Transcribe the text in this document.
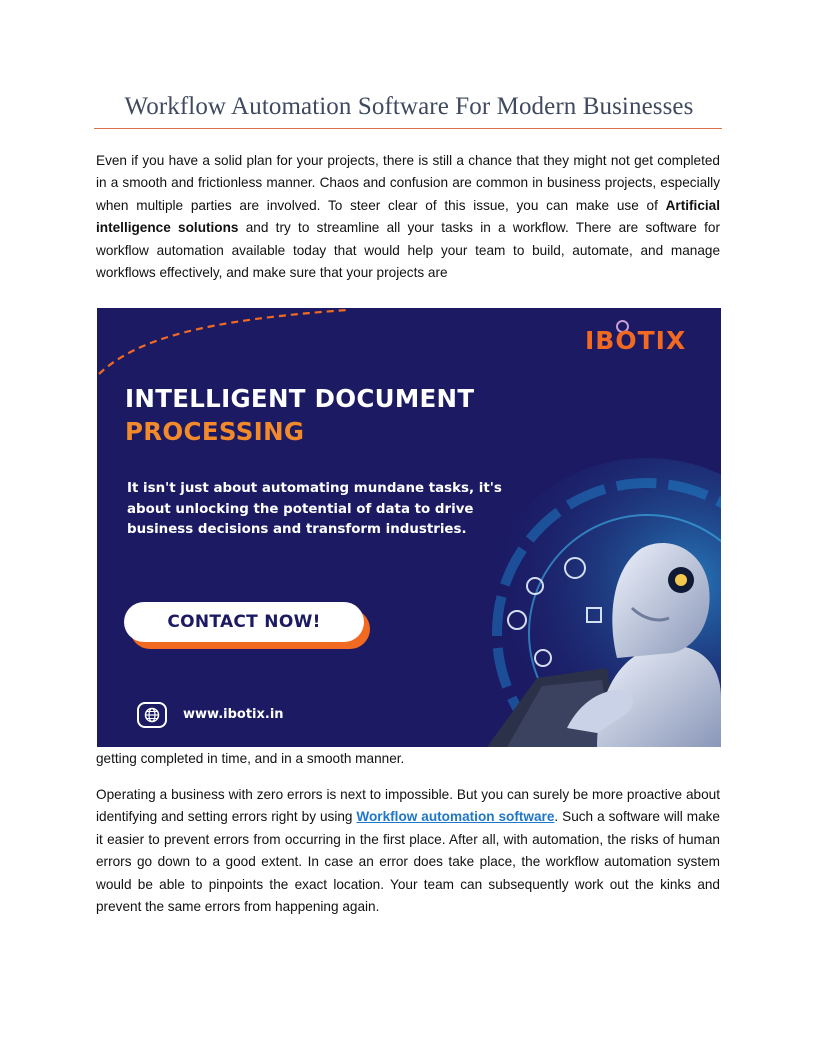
Workflow Automation Software For Modern Businesses

Even if you have a solid plan for your projects, there is still a chance that they might not get completed in a smooth and frictionless manner. Chaos and confusion are common in business projects, especially when multiple parties are involved. To steer clear of this issue, you can make use of Artificial intelligence solutions and try to streamline all your tasks in a workflow. There are software for workflow automation available today that would help your team to build, automate, and manage workflows effectively, and make sure that your projects are

IBOTIX
INTELLIGENT DOCUMENT
PROCESSING
It isn't just about automating mundane tasks, it's about unlocking the potential of data to drive business decisions and transform industries.
CONTACT NOW!
www.ibotix.in

getting completed in time, and in a smooth manner.

Operating a business with zero errors is next to impossible. But you can surely be more proactive about identifying and setting errors right by using Workflow automation software. Such a software will make it easier to prevent errors from occurring in the first place. After all, with automation, the risks of human errors go down to a good extent. In case an error does take place, the workflow automation system would be able to pinpoints the exact location. Your team can subsequently work out the kinks and prevent the same errors from happening again.
